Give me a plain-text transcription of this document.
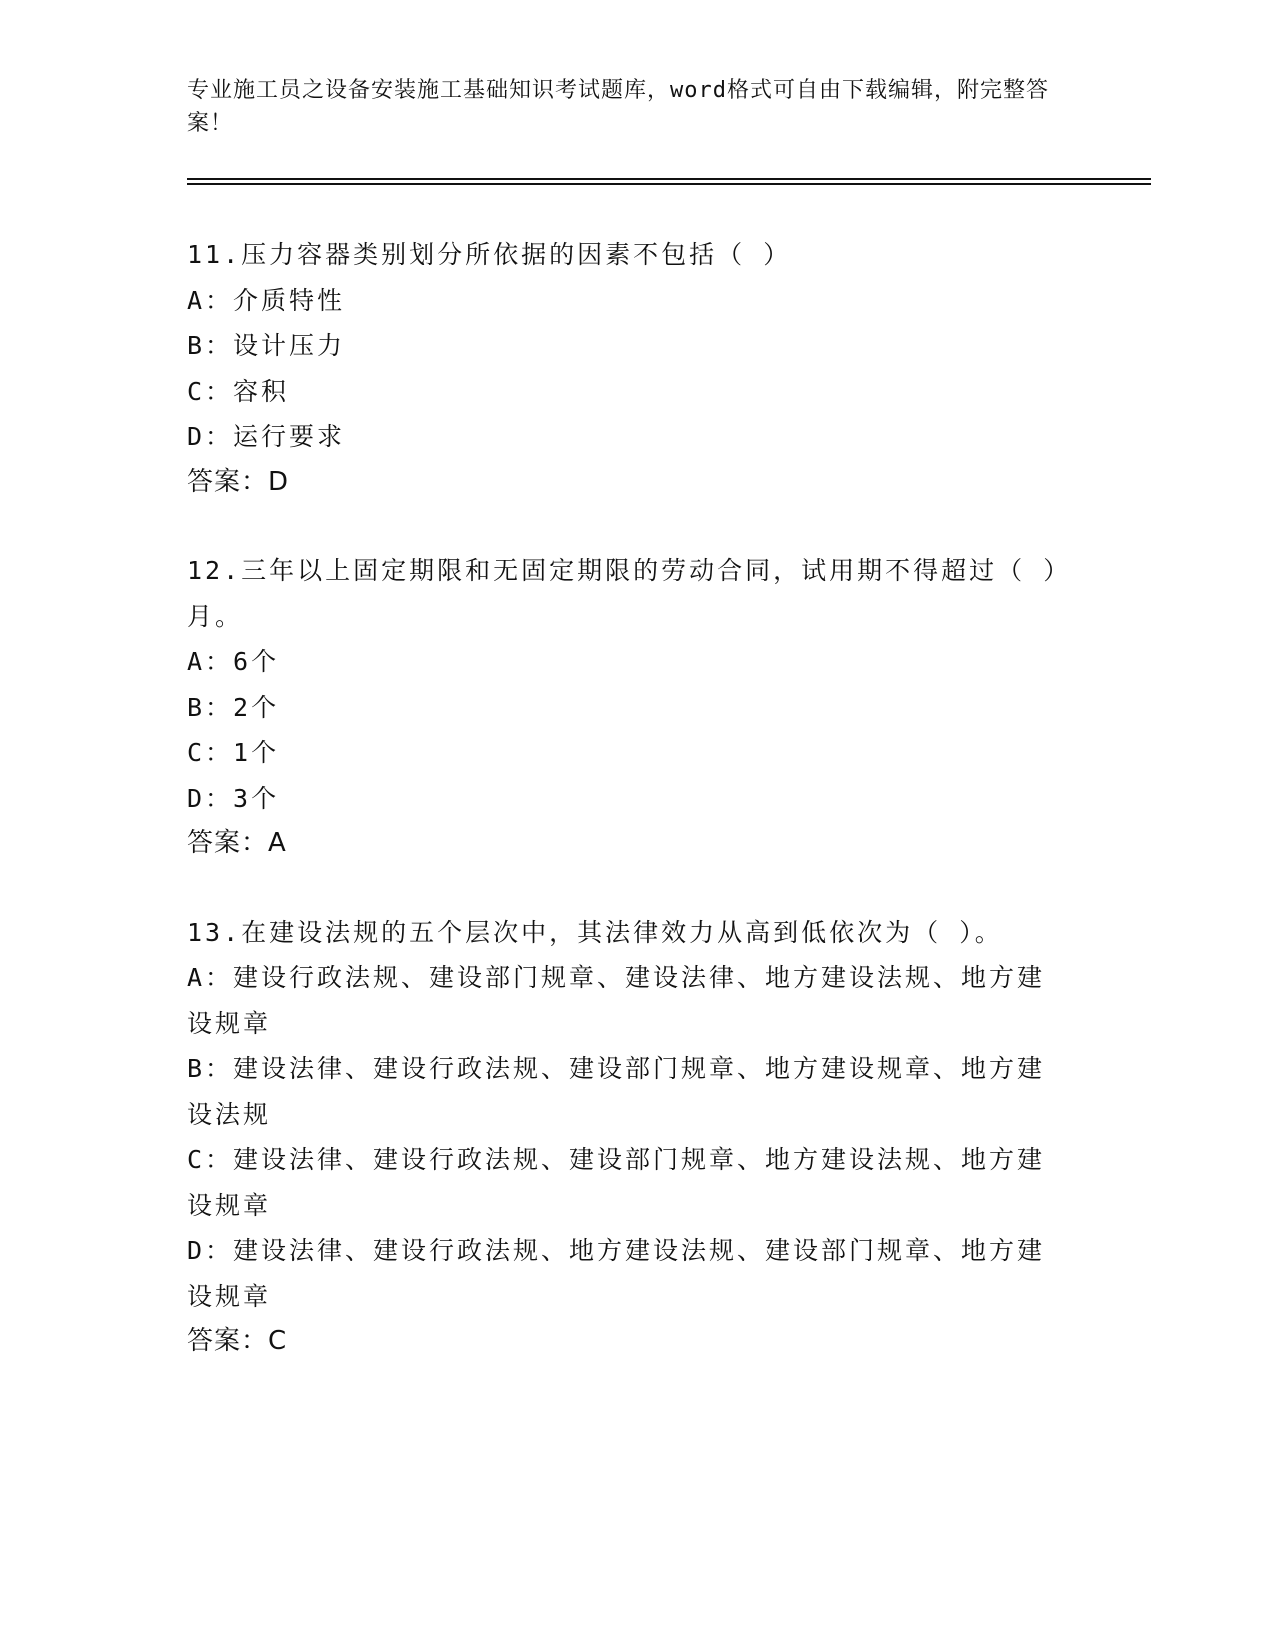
专业施工员之设备安装施工基础知识考试题库，word格式可自由下载编辑，附完整答案！

11.压力容器类别划分所依据的因素不包括（ ）

A：介质特性

B：设计压力

C：容积

D：运行要求

答案：D

12.三年以上固定期限和无固定期限的劳动合同，试用期不得超过（ ）月。

A：6个

B：2个

C：1个

D：3个

答案：A

13.在建设法规的五个层次中，其法律效力从高到低依次为（ ）。

A：建设行政法规、建设部门规章、建设法律、地方建设法规、地方建设规章

B：建设法律、建设行政法规、建设部门规章、地方建设规章、地方建设法规

C：建设法律、建设行政法规、建设部门规章、地方建设法规、地方建设规章

D：建设法律、建设行政法规、地方建设法规、建设部门规章、地方建设规章

答案：C
